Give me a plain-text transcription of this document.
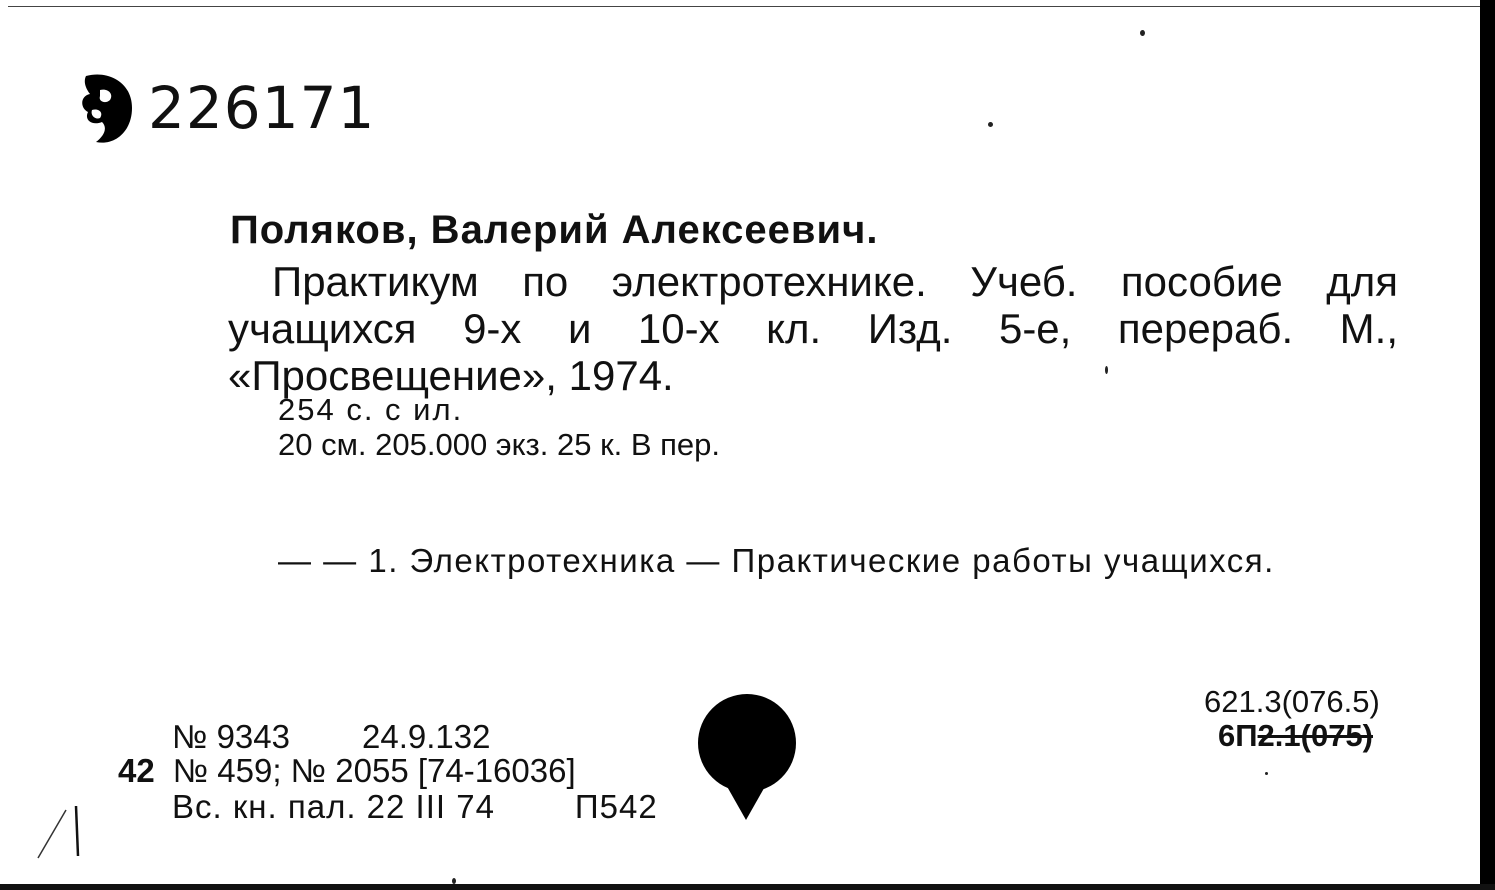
226171
Поляков, Валерий Алексеевич.
Практикум по электротехнике. Учеб. пособие для учащихся 9-х и 10-х кл. Изд. 5-е, перераб. М., «Просвещение», 1974.
254 с. с ил.
20 см. 205.000 экз. 25 к. В пер.
— — 1. Электротехника — Практические работы учащихся.
№ 9343 24.9.132
42 № 459; № 2055 [74-16036]
Вс. кн. пал. 22 III 74 П542
621.3(076.5)
6П2.1(075)
